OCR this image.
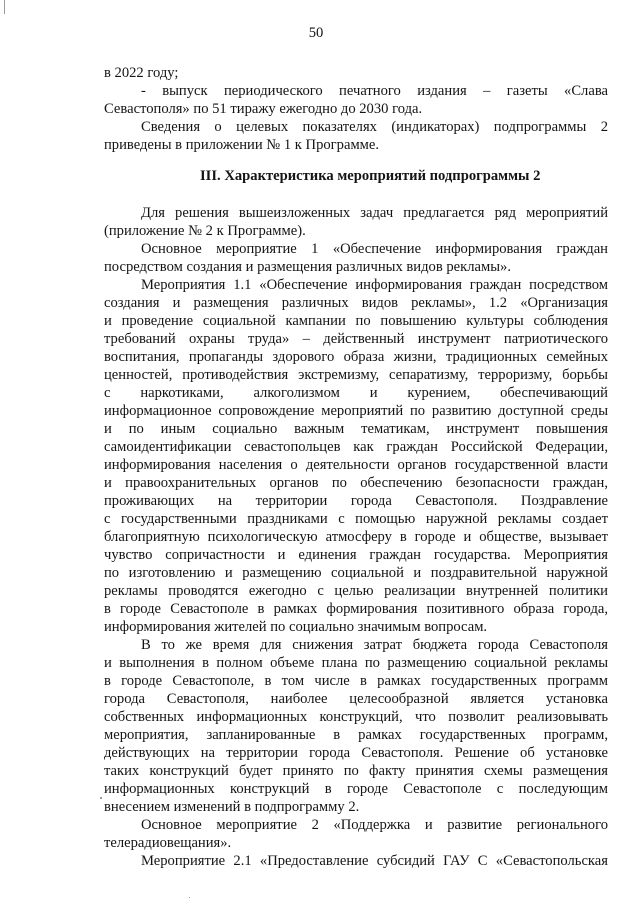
50
в 2022 году;
- выпуск периодического печатного издания – газеты «Слава
Севастополя» по 51 тиражу ежегодно до 2030 года.
Сведения о целевых показателях (индикаторах) подпрограммы 2
приведены в приложении № 1 к Программе.
III. Характеристика мероприятий подпрограммы 2
Для решения вышеизложенных задач предлагается ряд мероприятий
(приложение № 2 к Программе).
Основное мероприятие 1 «Обеспечение информирования граждан
посредством создания и размещения различных видов рекламы».
Мероприятия 1.1 «Обеспечение информирования граждан посредством
создания и размещения различных видов рекламы», 1.2 «Организация
и проведение социальной кампании по повышению культуры соблюдения
требований охраны труда» – действенный инструмент патриотического
воспитания, пропаганды здорового образа жизни, традиционных семейных
ценностей, противодействия экстремизму, сепаратизму, терроризму, борьбы
с наркотиками, алкоголизмом и курением, обеспечивающий
информационное сопровождение мероприятий по развитию доступной среды
и по иным социально важным тематикам, инструмент повышения
самоидентификации севастопольцев как граждан Российской Федерации,
информирования населения о деятельности органов государственной власти
и правоохранительных органов по обеспечению безопасности граждан,
проживающих на территории города Севастополя. Поздравление
с государственными праздниками с помощью наружной рекламы создает
благоприятную психологическую атмосферу в городе и обществе, вызывает
чувство сопричастности и единения граждан государства. Мероприятия
по изготовлению и размещению социальной и поздравительной наружной
рекламы проводятся ежегодно с целью реализации внутренней политики
в городе Севастополе в рамках формирования позитивного образа города,
информирования жителей по социально значимым вопросам.
В то же время для снижения затрат бюджета города Севастополя
и выполнения в полном объеме плана по размещению социальной рекламы
в городе Севастополе, в том числе в рамках государственных программ
города Севастополя, наиболее целесообразной является установка
собственных информационных конструкций, что позволит реализовывать
мероприятия, запланированные в рамках государственных программ,
действующих на территории города Севастополя. Решение об установке
таких конструкций будет принято по факту принятия схемы размещения
информационных конструкций в городе Севастополе с последующим
внесением изменений в подпрограмму 2.
Основное мероприятие 2 «Поддержка и развитие регионального
телерадиовещания».
Мероприятие 2.1 «Предоставление субсидий ГАУ С «Севастопольская
